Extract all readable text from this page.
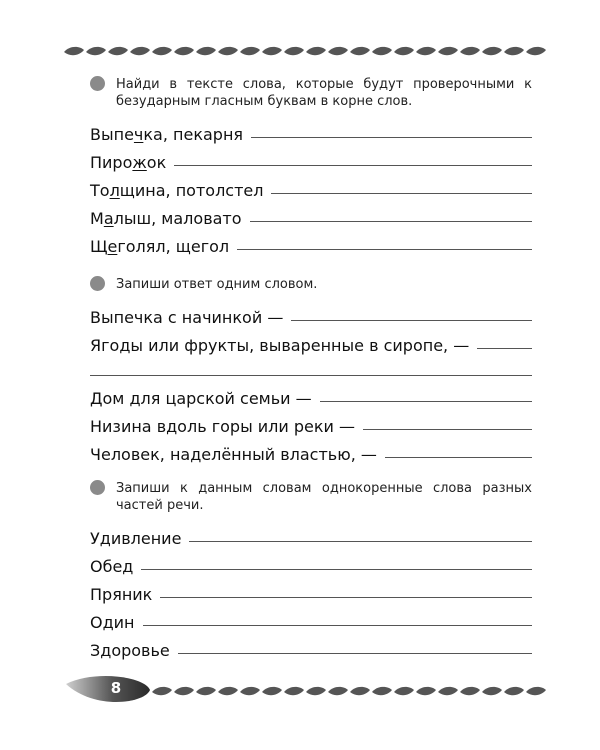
Найди в тексте слова, которые будут проверочными к безударным гласным буквам в корне слов.
Выпечка, пекарня
Пирожок
Толщина, потолстел
Малыш, маловато
Щеголял, щегол
Запиши ответ одним словом.
Выпечка с начинкой —
Ягоды или фрукты, вываренные в сиропе, —
Дом для царской семьи —
Низина вдоль горы или реки —
Человек, наделённый властью, —
Запиши к данным словам однокоренные слова разных частей речи.
Удивление
Обед
Пряник
Один
Здоровье
8
